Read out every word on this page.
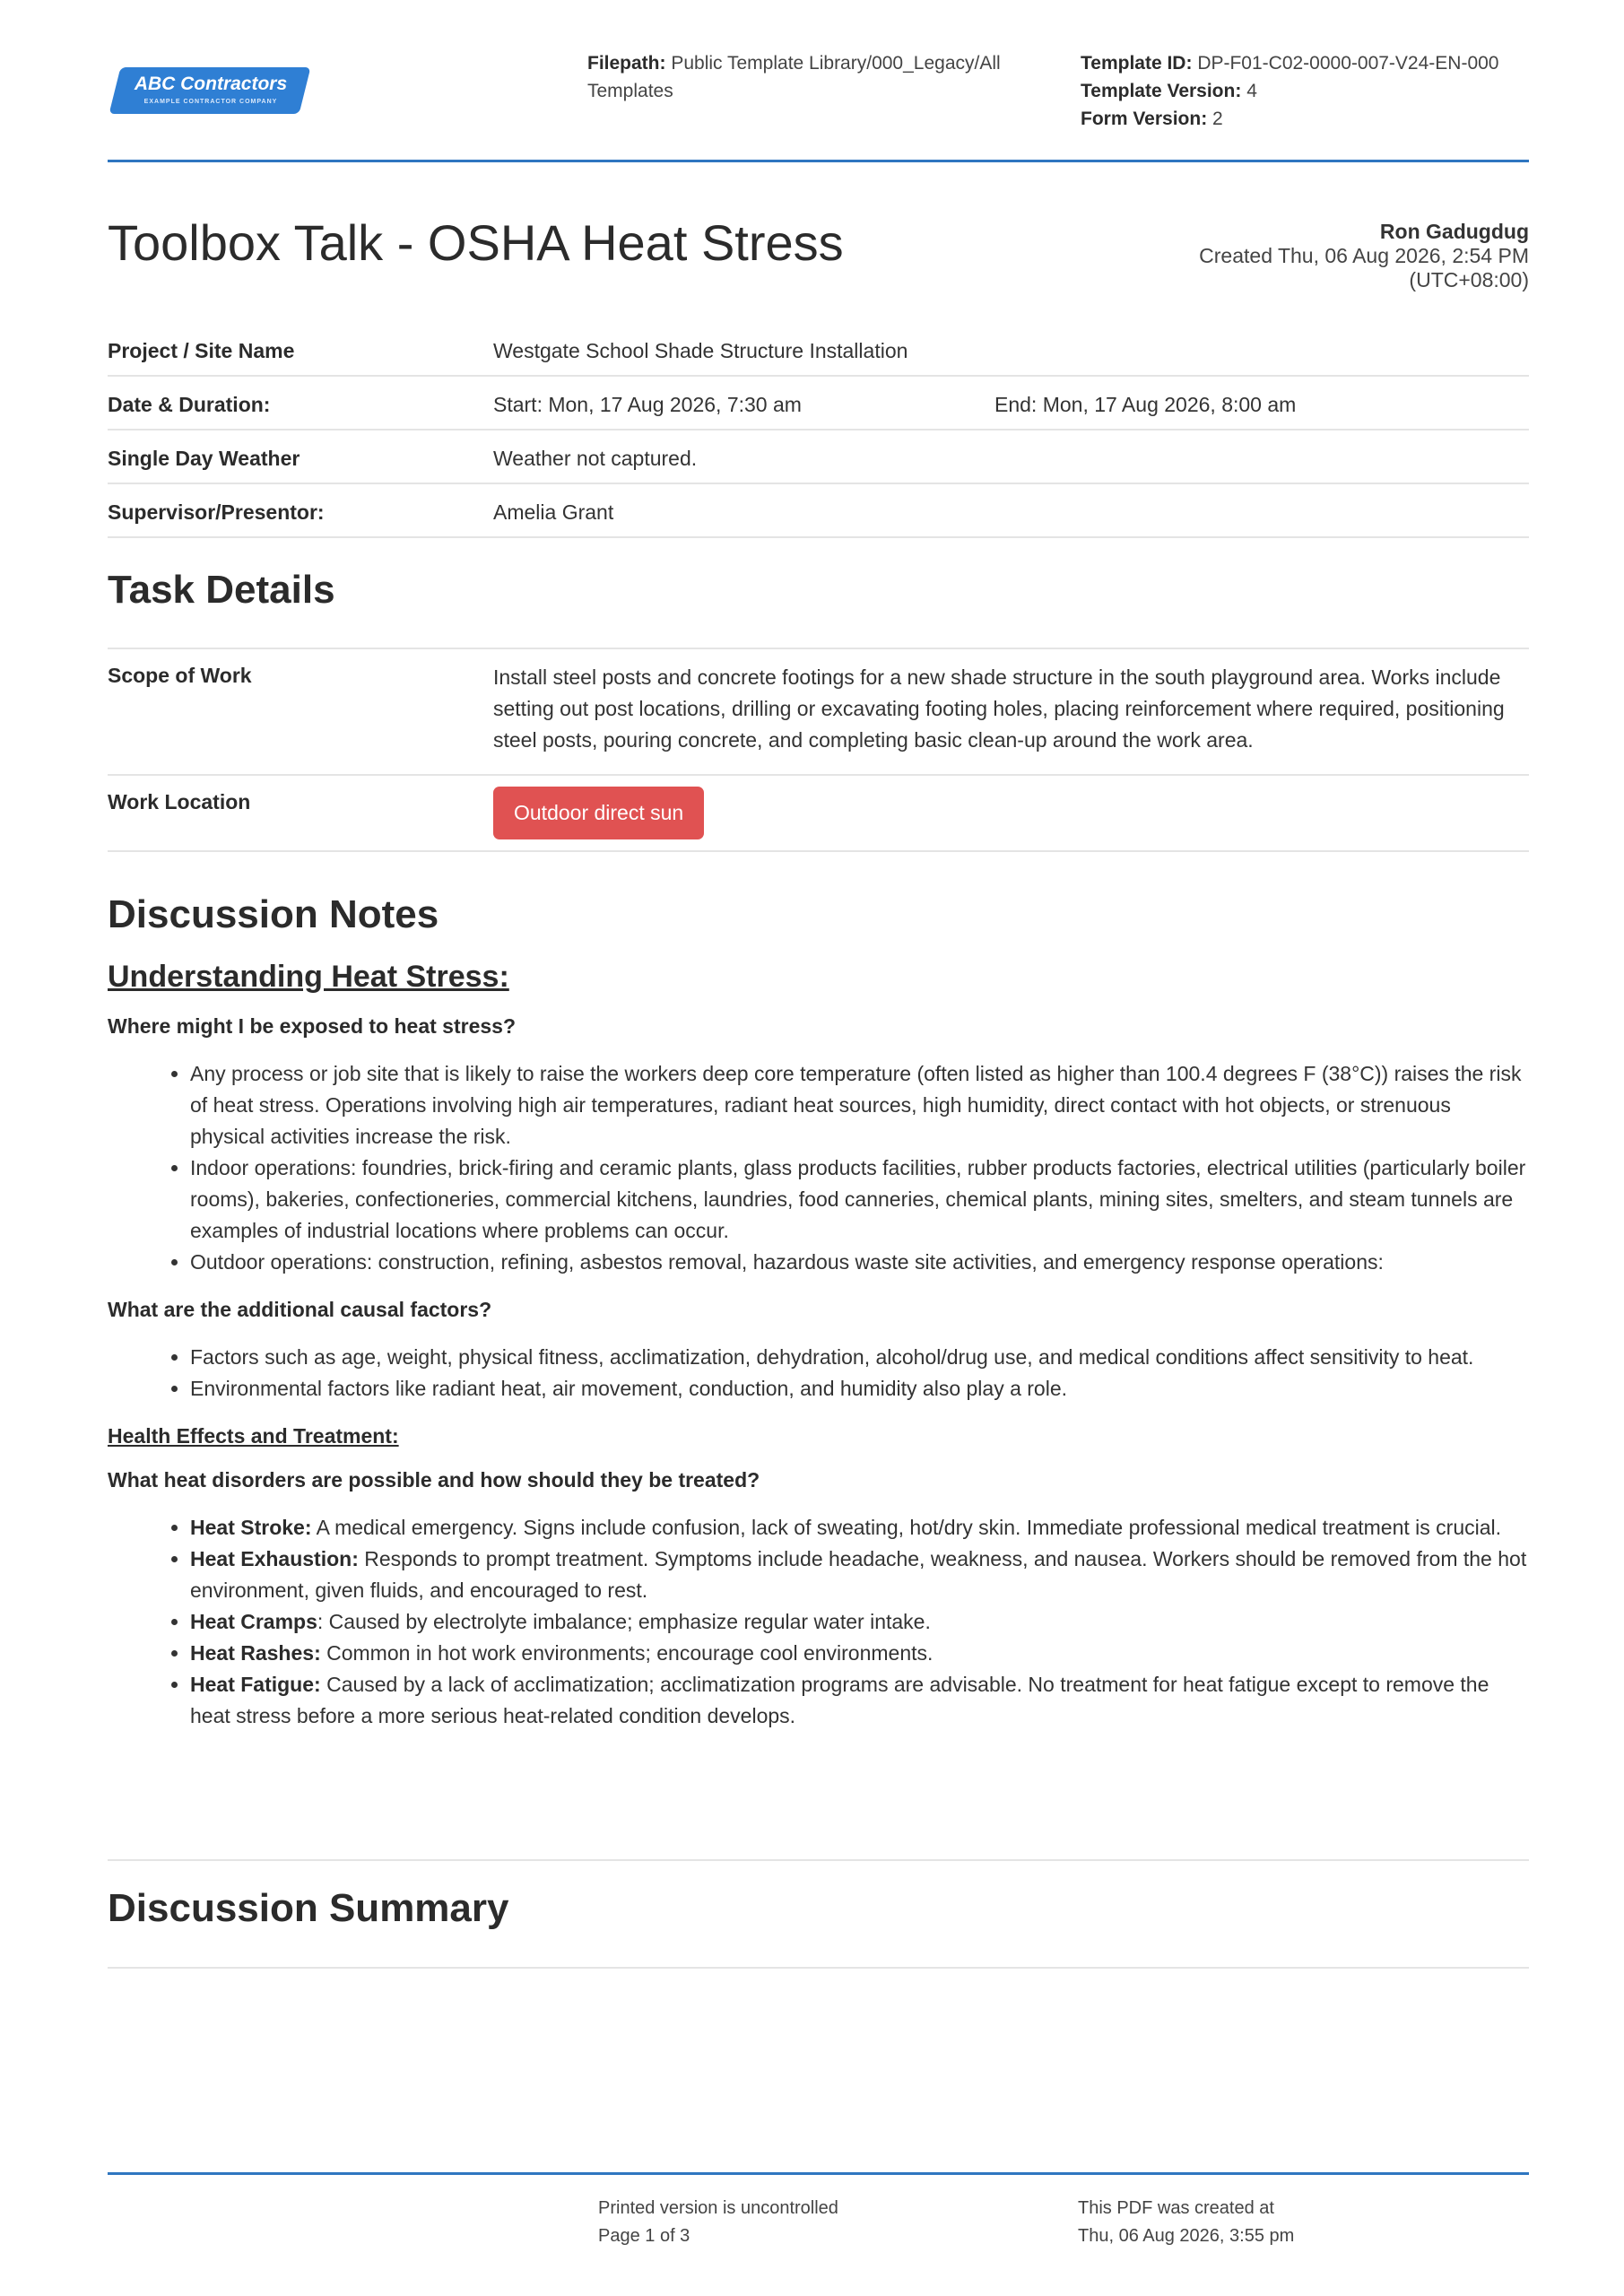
ABC Contractors
EXAMPLE CONTRACTOR COMPANY
Filepath: Public Template Library/000_Legacy/All Templates
Template ID: DP-F01-C02-0000-007-V24-EN-000
Template Version: 4
Form Version: 2
Toolbox Talk - OSHA Heat Stress	Ron Gadugdug
Created Thu, 06 Aug 2026, 2:54 PM
(UTC+08:00)
Project / Site Name	Westgate School Shade Structure Installation
Date & Duration:	Start: Mon, 17 Aug 2026, 7:30 am	End: Mon, 17 Aug 2026, 8:00 am
Single Day Weather	Weather not captured.
Supervisor/Presentor:	Amelia Grant
Task Details
Scope of Work	Install steel posts and concrete footings for a new shade structure in the south playground area. Works include setting out post locations, drilling or excavating footing holes, placing reinforcement where required, positioning steel posts, pouring concrete, and completing basic clean-up around the work area.
Work Location	Outdoor direct sun
Discussion Notes
Understanding Heat Stress:
Where might I be exposed to heat stress?
• Any process or job site that is likely to raise the workers deep core temperature (often listed as higher than 100.4 degrees F (38°C)) raises the risk of heat stress. Operations involving high air temperatures, radiant heat sources, high humidity, direct contact with hot objects, or strenuous physical activities increase the risk.
• Indoor operations: foundries, brick-firing and ceramic plants, glass products facilities, rubber products factories, electrical utilities (particularly boiler rooms), bakeries, confectioneries, commercial kitchens, laundries, food canneries, chemical plants, mining sites, smelters, and steam tunnels are examples of industrial locations where problems can occur.
• Outdoor operations: construction, refining, asbestos removal, hazardous waste site activities, and emergency response operations:
What are the additional causal factors?
• Factors such as age, weight, physical fitness, acclimatization, dehydration, alcohol/drug use, and medical conditions affect sensitivity to heat.
• Environmental factors like radiant heat, air movement, conduction, and humidity also play a role.
Health Effects and Treatment:
What heat disorders are possible and how should they be treated?
• Heat Stroke: A medical emergency. Signs include confusion, lack of sweating, hot/dry skin. Immediate professional medical treatment is crucial.
• Heat Exhaustion: Responds to prompt treatment. Symptoms include headache, weakness, and nausea. Workers should be removed from the hot environment, given fluids, and encouraged to rest.
• Heat Cramps: Caused by electrolyte imbalance; emphasize regular water intake.
• Heat Rashes: Common in hot work environments; encourage cool environments.
• Heat Fatigue: Caused by a lack of acclimatization; acclimatization programs are advisable. No treatment for heat fatigue except to remove the heat stress before a more serious heat-related condition develops.
Discussion Summary
Printed version is uncontrolled
Page 1 of 3
This PDF was created at
Thu, 06 Aug 2026, 3:55 pm
